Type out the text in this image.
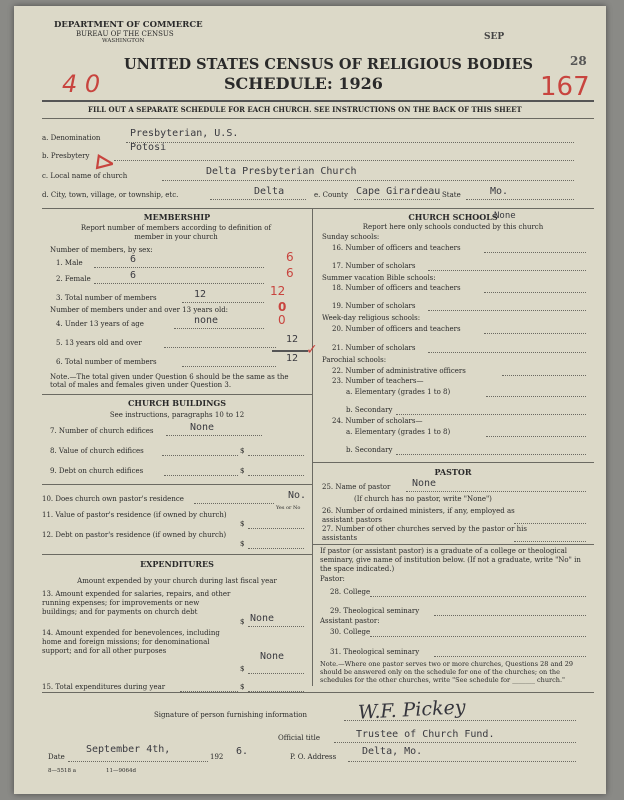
DEPARTMENT OF COMMERCE
BUREAU OF THE CENSUS
WASHINGTON	SEP
28
UNITED STATES CENSUS OF RELIGIOUS BODIES
SCHEDULE: 1926
4 0	167
FILL OUT A SEPARATE SCHEDULE FOR EACH CHURCH. SEE INSTRUCTIONS ON THE BACK OF THIS SHEET
a. Denomination	Presbyterian, U.S.
b. Presbytery
Potosi
⊳
c. Local name of church	Delta Presbyterian Church
d. City, town, village, or township, etc.	Delta	e. County Cape Girardeau State	Mo.
MEMBERSHIP
Report number of members according to definition of member in your church
Number of members, by sex:
1. Male	6	6
2. Female	6	6
3. Total number of members	12	12
Number of members under and over 13 years old:	0
4. Under 13 years of age	none	0
5. 13 years old and over	12
6. Total number of members	12
✓
Note.—The total given under Question 6 should be the same as the total of males and females given under Question 3.
CHURCH BUILDINGS
See instructions, paragraphs 10 to 12
7. Number of church edifices	None
8. Value of church edifices	$
9. Debt on church edifices	$
10. Does church own pastor's residence	No.
Yes or No
11. Value of pastor's residence (if owned by church)
$
12. Debt on pastor's residence (if owned by church)
$
EXPENDITURES
Amount expended by your church during last fiscal year
13. Amount expended for salaries, repairs, and other running expenses; for improvements or new buildings; and for payments on church debt
$ None
14. Amount expended for benevolences, including home and foreign missions; for denominational support; and for all other purposes
$
None
15. Total expenditures during year	$
CHURCH SCHOOLS
None
Report here only schools conducted by this church
Sunday schools:
16. Number of officers and teachers
17. Number of scholars
Summer vacation Bible schools:
18. Number of officers and teachers
19. Number of scholars
Week-day religious schools:
20. Number of officers and teachers
21. Number of scholars
Parochial schools:
22. Number of administrative officers
23. Number of teachers—
a. Elementary (grades 1 to 8)
b. Secondary
24. Number of scholars—
a. Elementary (grades 1 to 8)
b. Secondary
PASTOR
25. Name of pastor None
(If church has no pastor, write "None")
26. Number of ordained ministers, if any, employed as assistant pastors
27. Number of other churches served by the pastor or his assistants
If pastor (or assistant pastor) is a graduate of a college or theological seminary, give name of institution below. (If not a graduate, write "No" in the space indicated.)
Pastor:
28. College
29. Theological seminary
Assistant pastor:
30. College
31. Theological seminary
Note.—Where one pastor serves two or more churches, Questions 28 and 29 should be answered only on the schedule for one of the churches; on the schedules for the other churches, write "See schedule for _______ church."
Signature of person furnishing information	W.F. Pickey
Official title	Trustee of Church Fund.
Date
September 4th,
192 6.	P. O. Address	Delta, Mo.
8—5518 a	11—9064d
